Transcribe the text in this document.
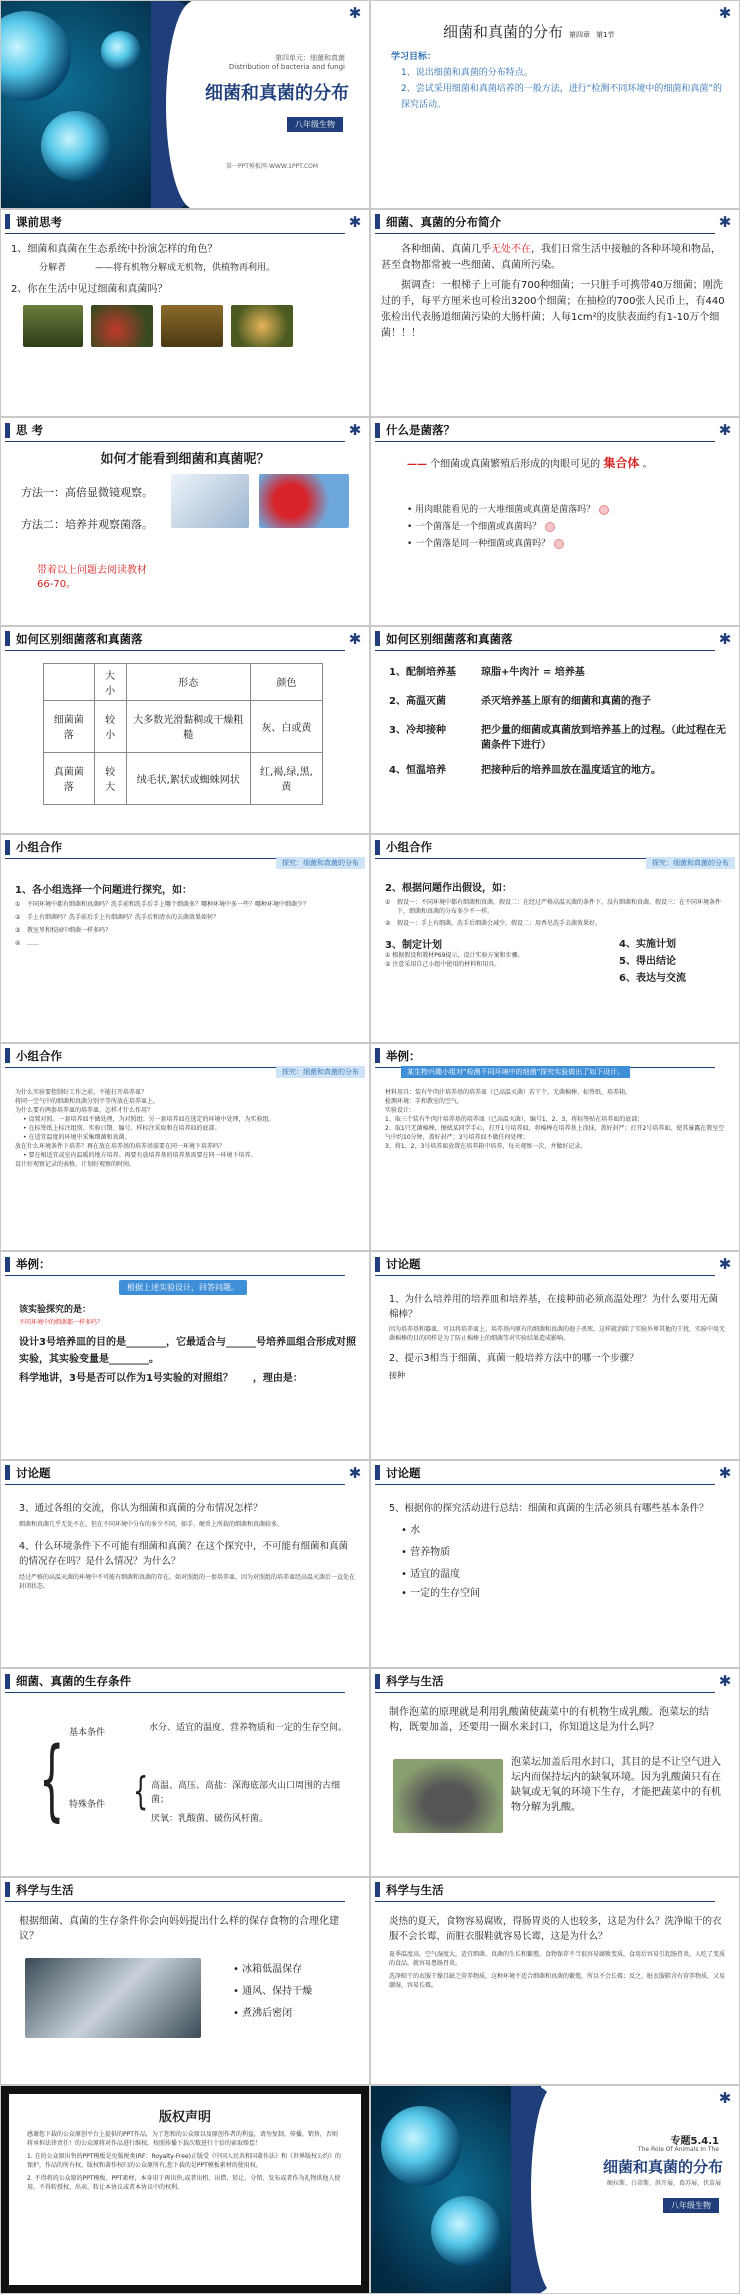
✱
第四单元：细菌和真菌
Distribution of bacteria and fungi
细菌和真菌的分布
八年级生物
第一PPT模板网-WWW.1PPT.COM
✱
细菌和真菌的分布 第四章 第1节
学习目标：
1、说出细菌和真菌的分布特点。
2、尝试采用细菌和真菌培养的一般方法，进行“检测不同环境中的细菌和真菌”的探究活动。
课前思考	✱
1、细菌和真菌在生态系统中扮演怎样的角色？
分解者	——将有机物分解成无机物，供植物再利用。
2、你在生活中见过细菌和真菌吗？
细菌、真菌的分布简介	✱

各种细菌、真菌几乎无处不在，我们日常生活中接触的各种环境和物品，甚至食物都常被一些细菌、真菌所污染。

据调查：一根梯子上可能有700种细菌；一只脏手可携带40万细菌；刚洗过的手，每平方厘米也可检出3200个细菌；在抽检的700张人民币上，有440张检出代表肠道细菌污染的大肠杆菌；人每1cm²的皮肤表面约有1-10万个细菌！！！

思 考	✱
如何才能看到细菌和真菌呢？
方法一：高倍显微镜观察。
方法二：培养并观察菌落。
带着以上问题去阅读教材66-70。
什么是菌落？	✱
—— 个细菌或真菌繁殖后形成的肉眼可见的 集合体 。
• 用肉眼能看见的一大堆细菌或真菌是菌落吗？
• 一个菌落是一个细菌或真菌吗？
• 一个菌落是同一种细菌或真菌吗？
如何区别细菌落和真菌落	✱
	大小	形态	颜色
细菌菌落	较小	大多数光滑黏稠或干燥粗糙	灰、白或黄
真菌菌落	较大	绒毛状,絮状或蜘蛛网状	红,褐,绿,黑,黄
如何区别细菌落和真菌落	✱
1、配制培养基	琼脂+牛肉汁 = 培养基
2、高温灭菌	杀灭培养基上原有的细菌和真菌的孢子
3、冷却接种	把少量的细菌或真菌放到培养基上的过程。（此过程在无菌条件下进行）
4、恒温培养	把接种后的培养皿放在温度适宜的地方。
小组合作
探究：细菌和真菌的分布
1、各小组选择一个问题进行探究，如：
①	不同环境中都有细菌和真菌吗？洗手前和洗手后手上哪个细菌多？哪种环境中多一些？哪种环境中细菌少？
②	手上有细菌吗？洗手前后手上有细菌吗？洗手后和清水的去菌效果如何？
③	教室里和校园中细菌一样多吗？
④	……
小组合作
探究：细菌和真菌的分布
2、根据问题作出假设，如：
①	假设一：不同环境中都有细菌和真菌。假设二：在经过严格高温灭菌的条件下，没有细菌和真菌。假设三：在不同环境条件下，细菌和真菌的分布多少不一样。
②	假设一：手上有细菌，洗手后细菌会减少。假设二：用香皂洗手去菌效果好。
3、制定计划
① 根据假设和教材P69提示，设计实验方案和步骤。
② 注意采用自己小组中使用的材料和用具。
4、实施计划
5、得出结论
6、表达与交流
小组合作
探究：细菌和真菌的分布
为什么实验要控制好工作之前，不能打开培养皿？
将同一空气中的细菌和真菌分别平等所放在培养皿上。
为什么要有两套培养皿的培养皿，怎样才什么作用？
• 设置对照。一套培养皿不做处理，为对照组；另一套培养皿在选定的环境中处理，为实验组。
• 在标签纸上标注组别、实验日期、编号、样标注采取和在培养皿的底部。
• 在适宜温度的环境中采集细菌和真菌。
放在什么环境条件下培养？再在放在培养基的培养基需要在同一环境下培养吗？
• 要在相适宜或室内温暖的地方培养。再要有放培养基的培养基需要在同一环境下培养。
设计好观察记录的表格，计划好观察的时间。
举例：
某生物兴趣小组对“检测不同环境中的细菌”探究实验做出了如下设计。
材料用具：装有牛肉汁培养基的培养皿（已高温灭菌）若干个、无菌棉棒、标签纸、培养箱。
检测环境：手和教室的空气。
实验设计：
1、取三个装有牛肉汁培养基的培养皿（已高温灭菌），编号1、2、3，将标签贴在培养皿的底部；
2、取1只无菌棉棒，擦拭某同学手心，打开1号培养皿，将棉棒在培养基上涂抹，盖好封严；打开2号培养皿，使其暴露在教室空气中约10分钟，盖好封严；3号培养皿不做任何处理；
3、将1、2、3号培养皿放置在培养箱中培养，每天观察一次，并做好记录。
举例：
根据上述实验设计，回答问题。
该实验探究的是：
不同环境中的细菌都一样多吗？
设计3号培养皿的目的是________，它最适合与______号培养皿组合形成对照实验，其实验变量是________。
科学地讲，3号是否可以作为1号实验的对照组？　　，理由是：
讨论题	✱
1、为什么培养用的培养皿和培养基，在接种前必须高温处理？为什么要用无菌棉棒？
因为培养基和器皿，可以将培养皿上、培养基内原有的细菌和真菌的孢子杀死，这样就消除了实验外界其他的干扰，实验中用无菌棉棒的目的同样是为了防止棉棒上的细菌等对实验结果造成影响。
2、提示3相当于细菌、真菌一般培养方法中的哪一个步骤？
接种
讨论题	✱
3、通过各组的交流，你认为细菌和真菌的分布情况怎样？
细菌和真菌几乎无处不在，但在不同环境中分布的多少不同，如手、硬币上所载的细菌和真菌较多。
4、什么环境条件下不可能有细菌和真菌？在这个探究中，不可能有细菌和真菌的情况存在吗？是什么情况？为什么？
经过严格的高温灭菌的环境中不可能有细菌和真菌的存在。如对照组的一套培养皿，因为对照组的培养皿经高温灭菌后一直处在封闭状态。
讨论题	✱
5、根据你的探究活动进行总结：细菌和真菌的生活必须具有哪些基本条件？
• 水
• 营养物质
• 适宜的温度
• 一定的生存空间
细菌、真菌的生存条件
{ 基本条件	水分、适宜的温度、营养物质和一定的生存空间。
特殊条件 { 高温、高压、高盐：深海底部火山口周围的古细菌；
厌氧：乳酸菌、破伤风杆菌。
科学与生活	✱
制作泡菜的原理就是利用乳酸菌使蔬菜中的有机物生成乳酸。泡菜坛的结构，既要加盖，还要用一圈水来封口，你知道这是为什么吗？
泡菜坛加盖后用水封口，其目的是不让空气进入坛内而保持坛内的缺氧环境。因为乳酸菌只有在缺氧或无氧的环境下生存，才能把蔬菜中的有机物分解为乳酸。
科学与生活
根据细菌、真菌的生存条件你会向妈妈提出什么样的保存食物的合理化建议？
• 冰箱低温保存
• 通风、保持干燥
• 煮沸后密闭
科学与生活
炎热的夏天，食物容易腐败，得肠胃炎的人也较多，这是为什么？洗净晾干的衣服不会长霉，而脏衣服鞋就容易长霉，这是为什么？
夏季温度高，空气湿度大，适宜细菌、真菌的生长和繁殖，食物保存不当很容易腐败变质，食用后容易引起肠胃炎。人吃了变质的食品，就容易患肠胃炎。
洗净晾干的衣服干燥且缺乏营养物质，这种环境不适合细菌和真菌的繁殖，所以不会长霉；反之，脏衣服鞋含有营养物质，又易潮湿，容易长霉。
版权声明
感谢您下载的公众原创平台上提供的PPT作品，为了您和的公众原以及原创作者的利益，请勿复制、传播、销售，否则将承担法律责任！的公众原将对作品进行维权，按照传播下载次数进行十倍的索取赔偿！
1. 在的公众原出售的PPT模板是免版税类(RF：Royalty-Free)正版受《中国人民共和国著作法》和《世界版权公约》的保护，作品的所有权、版权和著作权归的公众原所有,您下载的是PPT模板素材的使用权。
2. 不得将的公众原的PPT模板、PPT素材，本身用于再出售,或者出租、出借、转让、分销、发布或者作为礼物供他人使用，不得转授权、出卖、转让本协议或者本协议中的权利。
✱
专题5.4.1
The Role Of Animals In The
细菌和真菌的分布
硬拉斯、白蒂斯、洪开展、葛苏展、伏苗展
八年级生物
